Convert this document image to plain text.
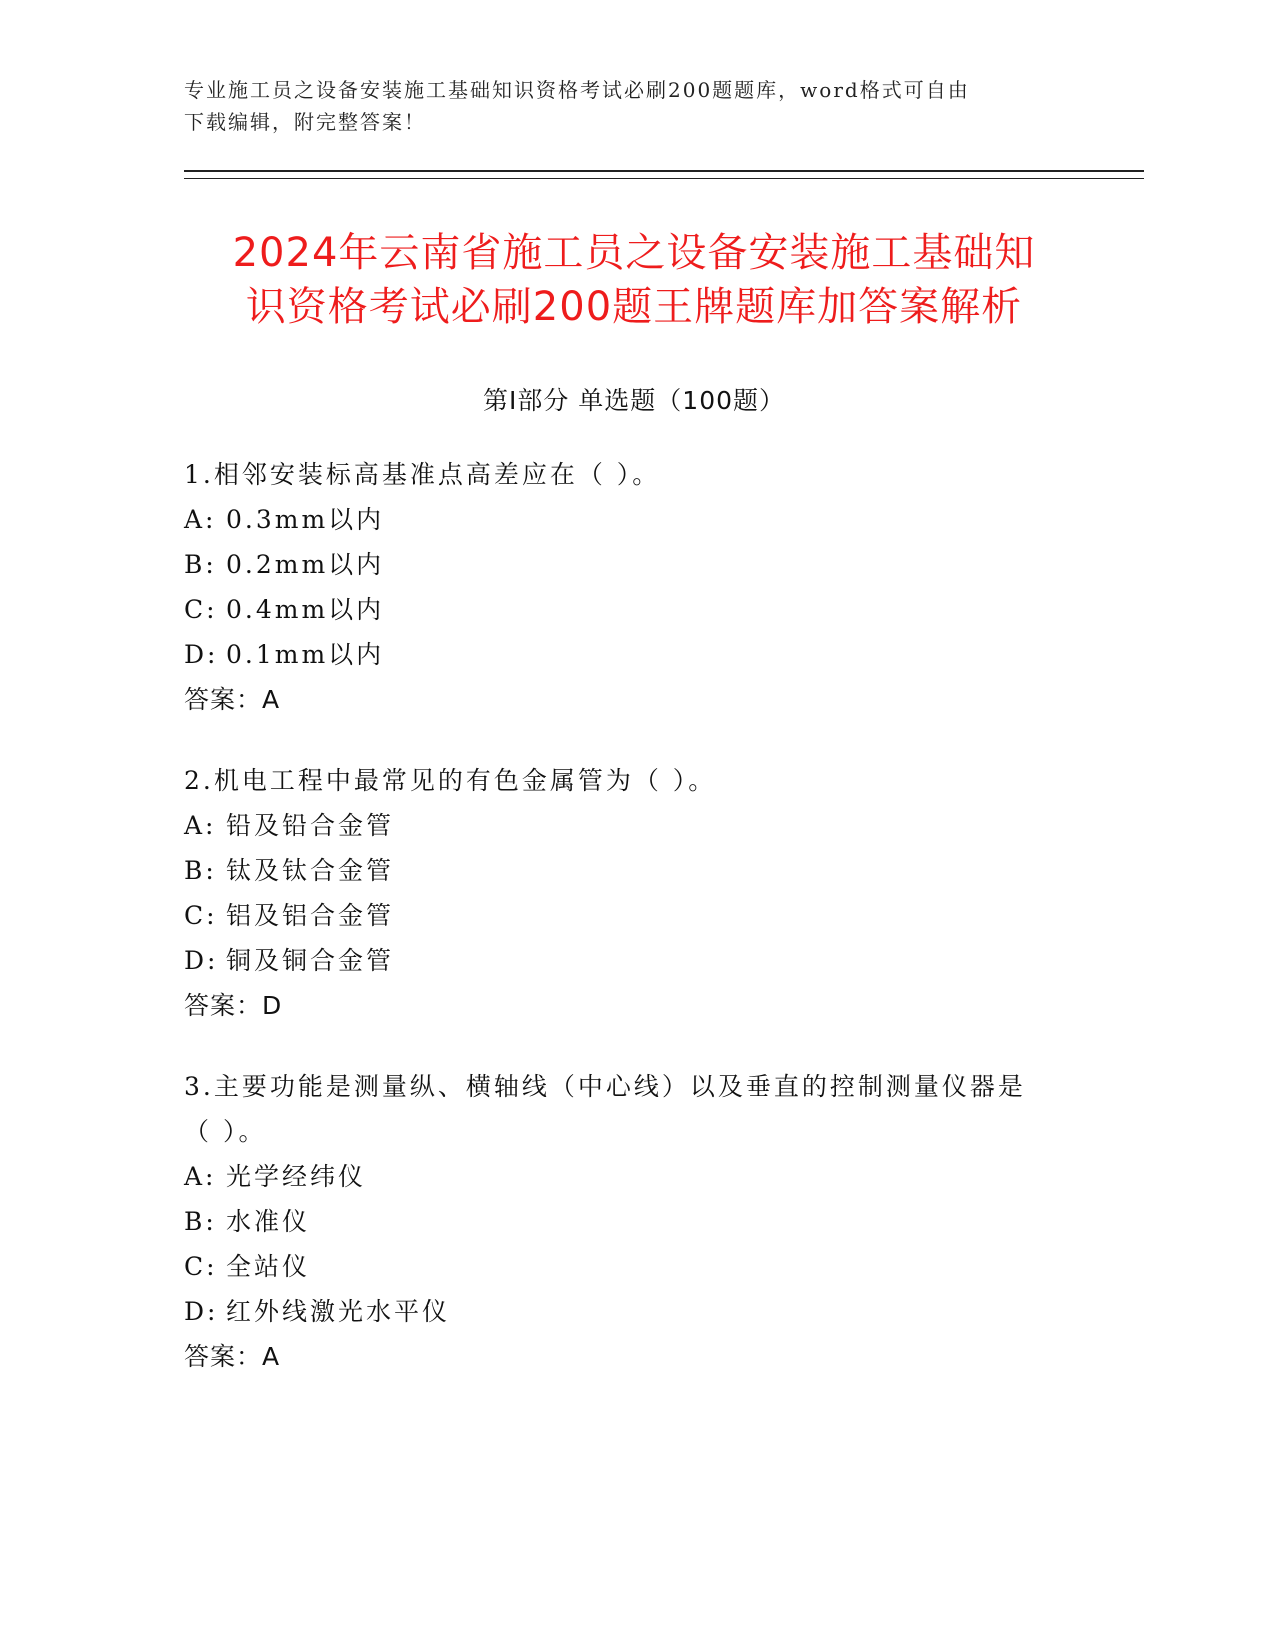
专业施工员之设备安装施工基础知识资格考试必刷200题题库，word格式可自由
下载编辑，附完整答案！
2024年云南省施工员之设备安装施工基础知
识资格考试必刷200题王牌题库加答案解析
第Ⅰ部分 单选题（100题）
1.相邻安装标高基准点高差应在（ ）。
A: 0.3mm以内
B: 0.2mm以内
C: 0.4mm以内
D: 0.1mm以内
答案：A
2.机电工程中最常见的有色金属管为（ ）。
A: 铅及铅合金管
B: 钛及钛合金管
C: 铝及铝合金管
D: 铜及铜合金管
答案：D
3.主要功能是测量纵、横轴线（中心线）以及垂直的控制测量仪器是
（ ）。
A: 光学经纬仪
B: 水准仪
C: 全站仪
D: 红外线激光水平仪
答案：A
